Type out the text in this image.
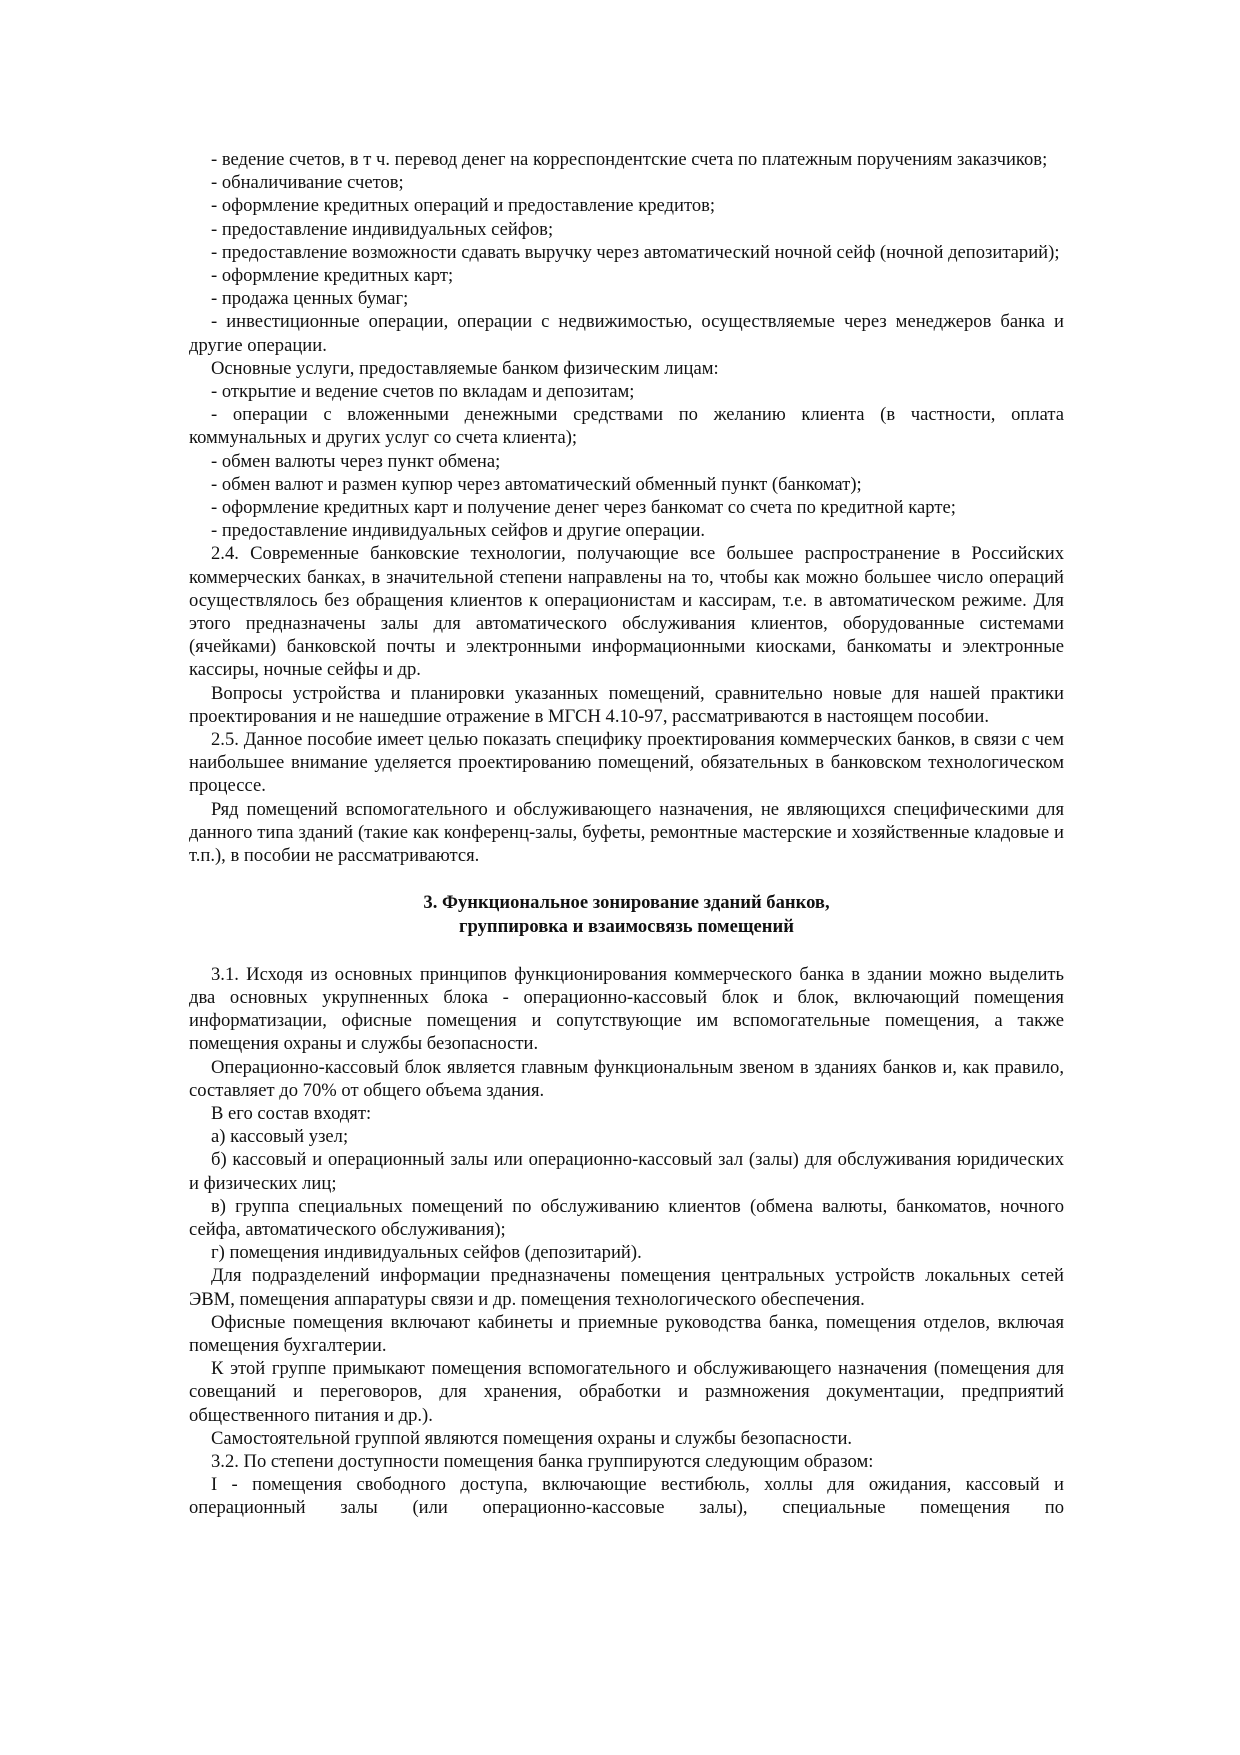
- ведение счетов, в т ч. перевод денег на корреспондентские счета по платежным поручениям заказчиков;

- обналичивание счетов;

- оформление кредитных операций и предоставление кредитов;

- предоставление индивидуальных сейфов;

- предоставление возможности сдавать выручку через автоматический ночной сейф (ночной депозитарий);

- оформление кредитных карт;

- продажа ценных бумаг;

- инвестиционные операции, операции с недвижимостью, осуществляемые через менеджеров банка и другие операции.

Основные услуги, предоставляемые банком физическим лицам:

- открытие и ведение счетов по вкладам и депозитам;

- операции с вложенными денежными средствами по желанию клиента (в частности, оплата коммунальных и других услуг со счета клиента);

- обмен валюты через пункт обмена;

- обмен валют и размен купюр через автоматический обменный пункт (банкомат);

- оформление кредитных карт и получение денег через банкомат со счета по кредитной карте;

- предоставление индивидуальных сейфов и другие операции.

2.4. Современные банковские технологии, получающие все большее распространение в Российских коммерческих банках, в значительной степени направлены на то, чтобы как можно большее число операций осуществлялось без обращения клиентов к операционистам и кассирам, т.е. в автоматическом режиме. Для этого предназначены залы для автоматического обслуживания клиентов, оборудованные системами (ячейками) банковской почты и электронными информационными киосками, банкоматы и электронные кассиры, ночные сейфы и др.

Вопросы устройства и планировки указанных помещений, сравнительно новые для нашей практики проектирования и не нашедшие отражение в МГСН 4.10-97, рассматриваются в настоящем пособии.

2.5. Данное пособие имеет целью показать специфику проектирования коммерческих банков, в связи с чем наибольшее внимание уделяется проектированию помещений, обязательных в банковском технологическом процессе.

Ряд помещений вспомогательного и обслуживающего назначения, не являющихся специфическими для данного типа зданий (такие как конференц-залы, буфеты, ремонтные мастерские и хозяйственные кладовые и т.п.), в пособии не рассматриваются.

3. Функциональное зонирование зданий банков,
группировка и взаимосвязь помещений

3.1. Исходя из основных принципов функционирования коммерческого банка в здании можно выделить два основных укрупненных блока - операционно-кассовый блок и блок, включающий помещения информатизации, офисные помещения и сопутствующие им вспомогательные помещения, а также помещения охраны и службы безопасности.

Операционно-кассовый блок является главным функциональным звеном в зданиях банков и, как правило, составляет до 70% от общего объема здания.

В его состав входят:

а) кассовый узел;

б) кассовый и операционный залы или операционно-кассовый зал (залы) для обслуживания юридических и физических лиц;

в) группа специальных помещений по обслуживанию клиентов (обмена валюты, банкоматов, ночного сейфа, автоматического обслуживания);

г) помещения индивидуальных сейфов (депозитарий).

Для подразделений информации предназначены помещения центральных устройств локальных сетей ЭВМ, помещения аппаратуры связи и др. помещения технологического обеспечения.

Офисные помещения включают кабинеты и приемные руководства банка, помещения отделов, включая помещения бухгалтерии.

К этой группе примыкают помещения вспомогательного и обслуживающего назначения (помещения для совещаний и переговоров, для хранения, обработки и размножения документации, предприятий общественного питания и др.).

Самостоятельной группой являются помещения охраны и службы безопасности.

3.2. По степени доступности помещения банка группируются следующим образом:

I - помещения свободного доступа, включающие вестибюль, холлы для ожидания, кассовый и операционный залы (или операционно-кассовые залы), специальные помещения по
